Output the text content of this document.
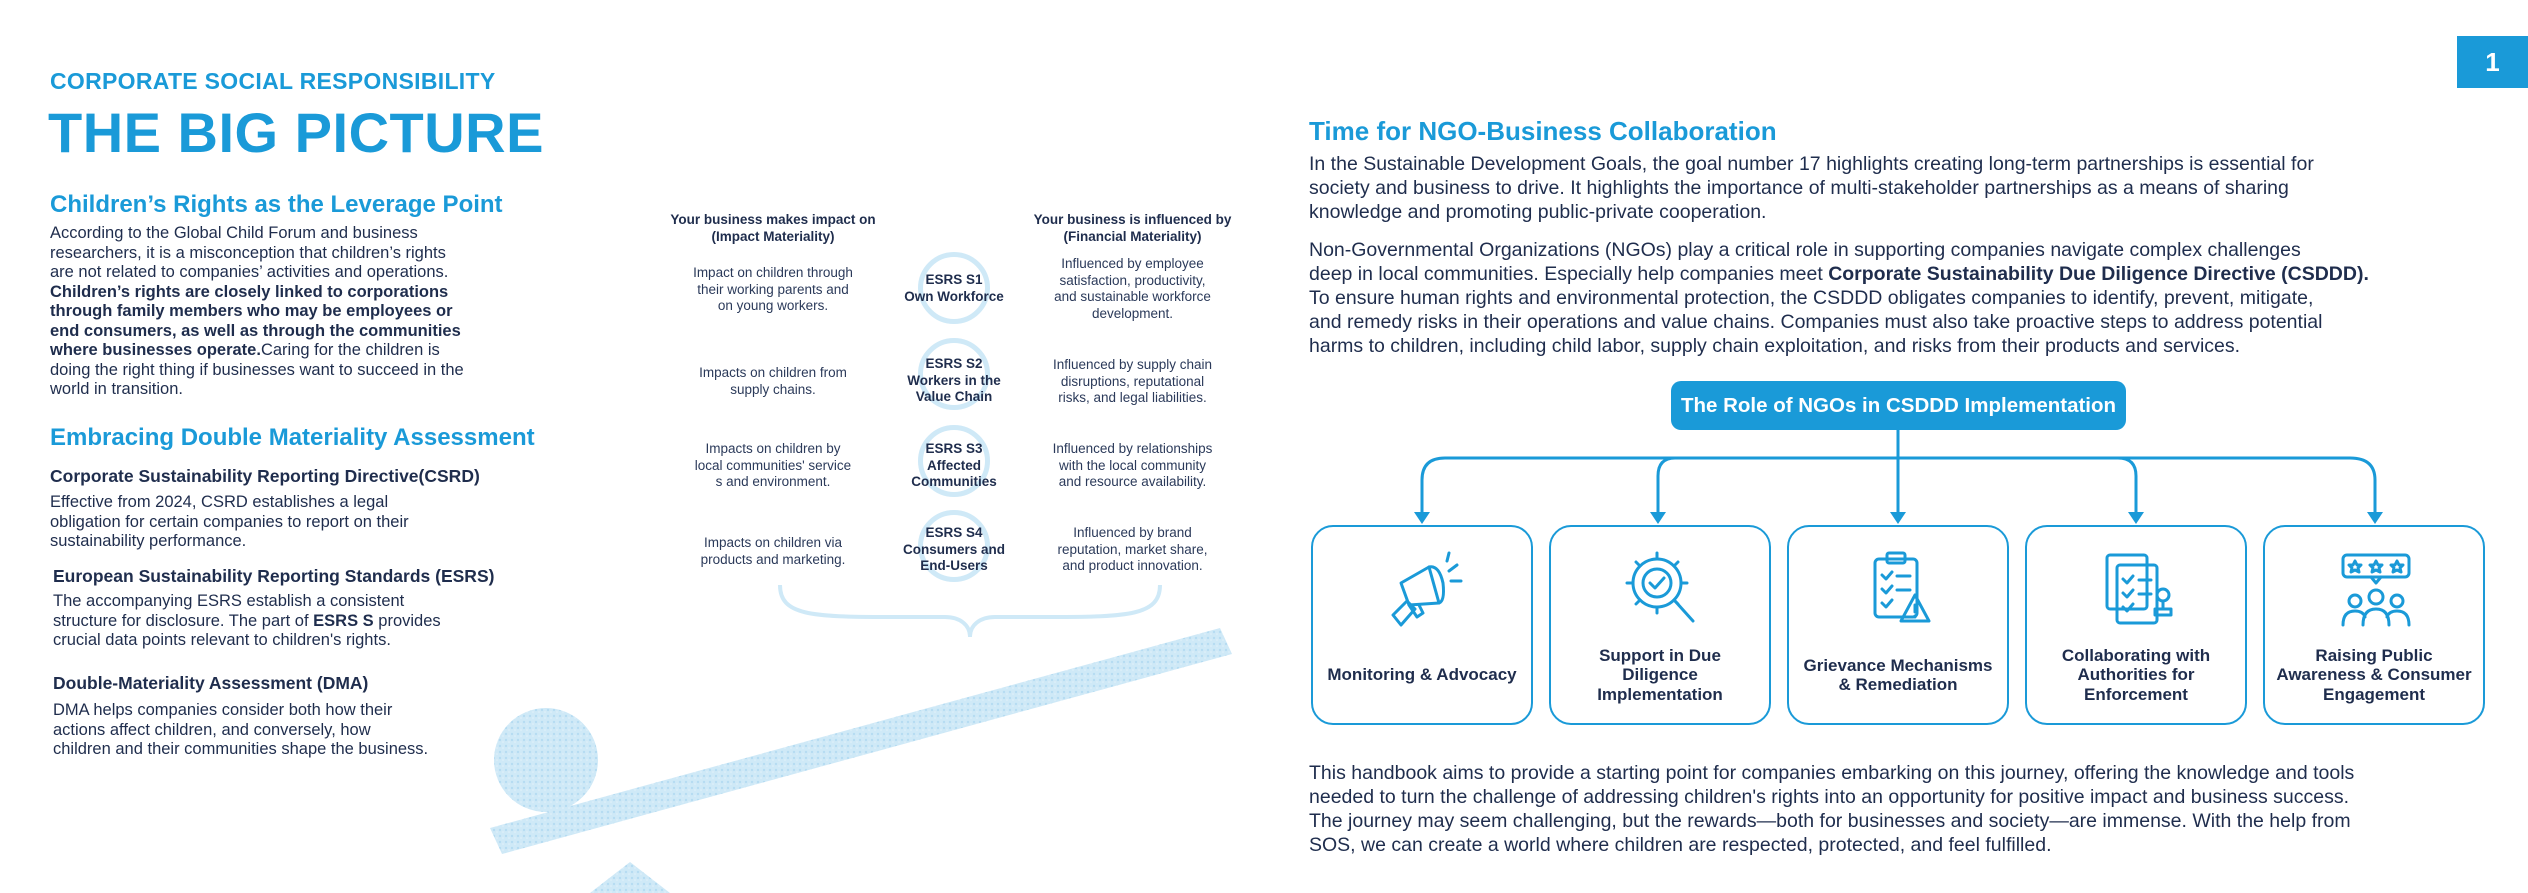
CORPORATE SOCIAL RESPONSIBILITY
THE BIG PICTURE
Children’s Rights as the Leverage Point
According to the Global Child Forum and business
researchers, it is a misconception that children’s rights
are not related to companies’ activities and operations.
Children’s rights are closely linked to corporations
through family members who may be employees or
end consumers, as well as through the communities
where businesses operate.Caring for the children is
doing the right thing if businesses want to succeed in the
world in transition.
Embracing Double Materiality Assessment
Corporate Sustainability Reporting Directive(CSRD)
Effective from 2024, CSRD establishes a legal
obligation for certain companies to report on their
sustainability performance.
European Sustainability Reporting Standards (ESRS)
The accompanying ESRS establish a consistent
structure for disclosure. The part of ESRS S provides
crucial data points relevant to children's rights.
Double-Materiality Assessment (DMA)
DMA helps companies consider both how their
actions affect children, and conversely, how
children and their communities shape the business.
Your business makes impact on
(Impact Materiality)
Your business is influenced by
(Financial Materiality)
Impact on children through
their working parents and
on young workers.
ESRS S1
Own Workforce
Influenced by employee
satisfaction, productivity,
and sustainable workforce
development.
Impacts on children from
supply chains.
ESRS S2
Workers in the
Value Chain
Influenced by supply chain
disruptions, reputational
risks, and legal liabilities.
Impacts on children by
local communities' service
s and environment.
ESRS S3
Affected
Communities
Influenced by relationships
with the local community
and resource availability.
Impacts on children via
products and marketing.
ESRS S4
Consumers and
End-Users
Influenced by brand
reputation, market share,
and product innovation.
1
Time for NGO-Business Collaboration
In the Sustainable Development Goals, the goal number 17 highlights creating long-term partnerships is essential for
society and business to drive. It highlights the importance of multi-stakeholder partnerships as a means of sharing
knowledge and promoting public-private cooperation.
Non-Governmental Organizations (NGOs) play a critical role in supporting companies navigate complex challenges
deep in local communities. Especially help companies meet Corporate Sustainability Due Diligence Directive (CSDDD).
To ensure human rights and environmental protection, the CSDDD obligates companies to identify, prevent, mitigate,
and remedy risks in their operations and value chains. Companies must also take proactive steps to address potential
harms to children, including child labor, supply chain exploitation, and risks from their products and services.
The Role of NGOs in CSDDD Implementation
Monitoring & Advocacy
Support in Due Diligence Implementation
Grievance Mechanisms & Remediation
Collaborating with Authorities for Enforcement
Raising Public Awareness & Consumer Engagement
This handbook aims to provide a starting point for companies embarking on this journey, offering the knowledge and tools
needed to turn the challenge of addressing children's rights into an opportunity for positive impact and business success.
The journey may seem challenging, but the rewards—both for businesses and society—are immense. With the help from
SOS, we can create a world where children are respected, protected, and feel fulfilled.
